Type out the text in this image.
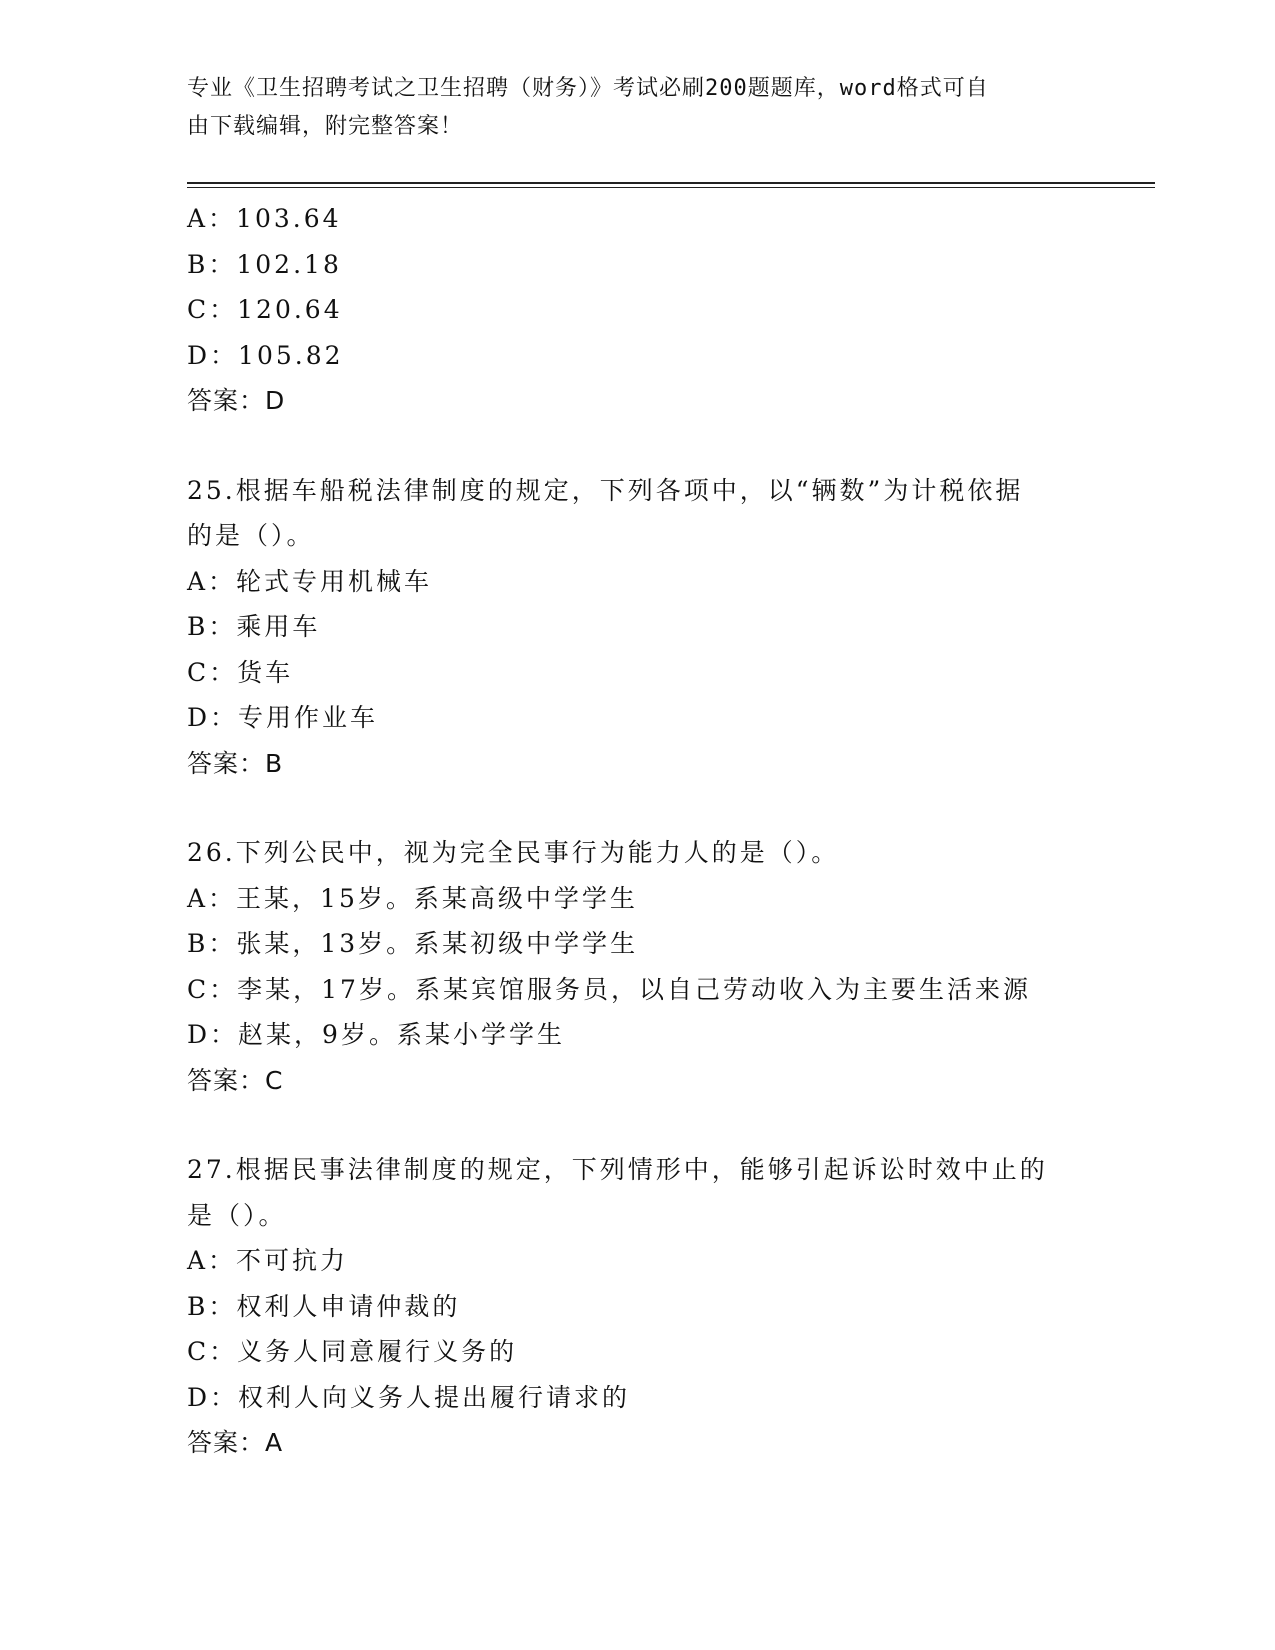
专业《卫生招聘考试之卫生招聘（财务）》考试必刷200题题库，word格式可自
由下载编辑，附完整答案！
A：103.64
B：102.18
C：120.64
D：105.82
答案：D
25.根据车船税法律制度的规定，下列各项中，以“辆数”为计税依据
的是（）。
A：轮式专用机械车
B：乘用车
C：货车
D：专用作业车
答案：B
26.下列公民中，视为完全民事行为能力人的是（）。
A：王某，15岁。系某高级中学学生
B：张某，13岁。系某初级中学学生
C：李某，17岁。系某宾馆服务员，以自己劳动收入为主要生活来源
D：赵某，9岁。系某小学学生
答案：C
27.根据民事法律制度的规定，下列情形中，能够引起诉讼时效中止的
是（）。
A：不可抗力
B：权利人申请仲裁的
C：义务人同意履行义务的
D：权利人向义务人提出履行请求的
答案：A
